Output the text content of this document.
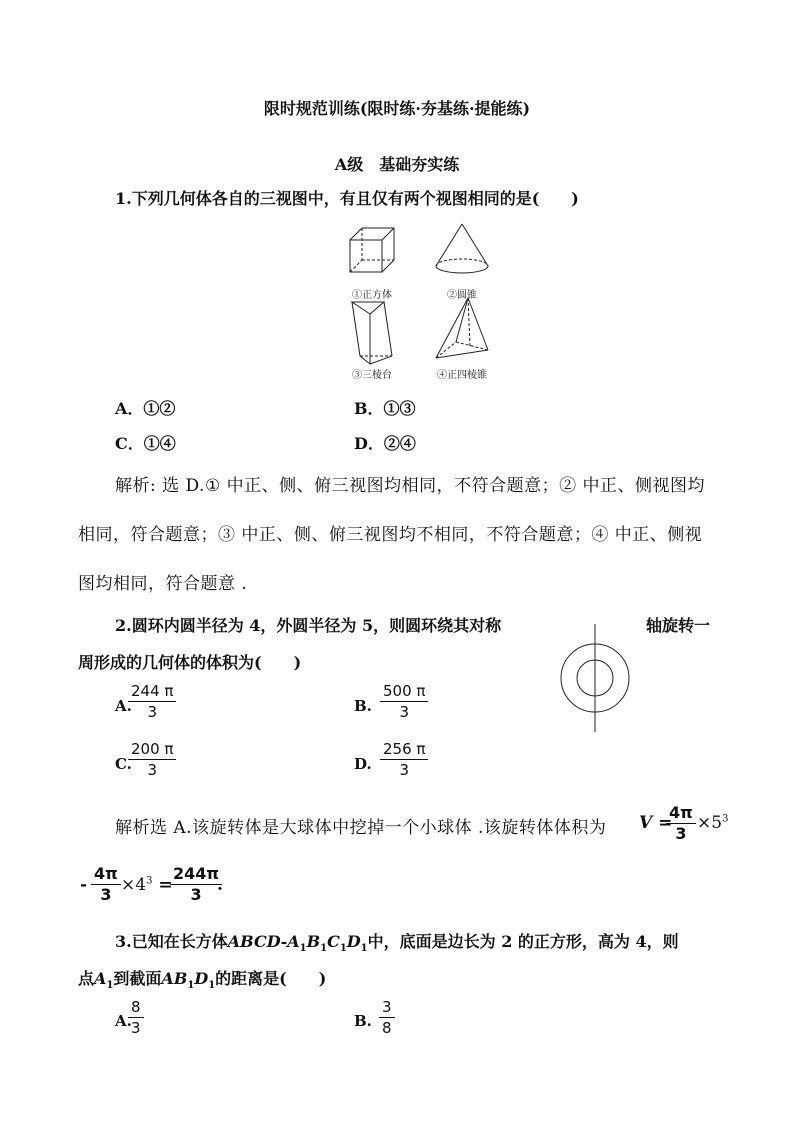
限时规范训练(限时练·夯基练·提能练)
A级　基础夯实练
1.下列几何体各自的三视图中，有且仅有两个视图相同的是(　　)
①正方体	②圆锥
③三棱台	④正四棱锥
A．①②	B．①③
C．①④	D．②④
解析: 选 D.① 中正、侧、俯三视图均相同，不符合题意；② 中正、侧视图均
相同，符合题意；③ 中正、侧、俯三视图均不相同，不符合题意；④ 中正、侧视
图均相同，符合题意 .
2.圆环内圆半径为 4，外圆半径为 5，则圆环绕其对称	轴旋转一
周形成的几何体的体积为(　　)
A.
$\frac{244 \pi}{3}$	B. $\frac{500 \pi}{3}$
C.
$\frac{200 \pi}{3}$	D. $\frac{256 \pi}{3}$
解析选 A.该旋转体是大球体中挖掉一个小球体 .该旋转体体积为 V =
$\frac{4\pi}{3} \times 5^3$
- $\frac{4\pi}{3} \times 4^3$ =
$\frac{244\pi}{3}$
.
3.已知在长方体ABCD-$A_1B_1C_1D_1$中，底面是边长为 2 的正方形，高为 4，则
点$A_1$到截面$AB_1D_1$的距离是(　　)
A.
$\frac{8}{3}$	B. $\frac{3}{8}$
